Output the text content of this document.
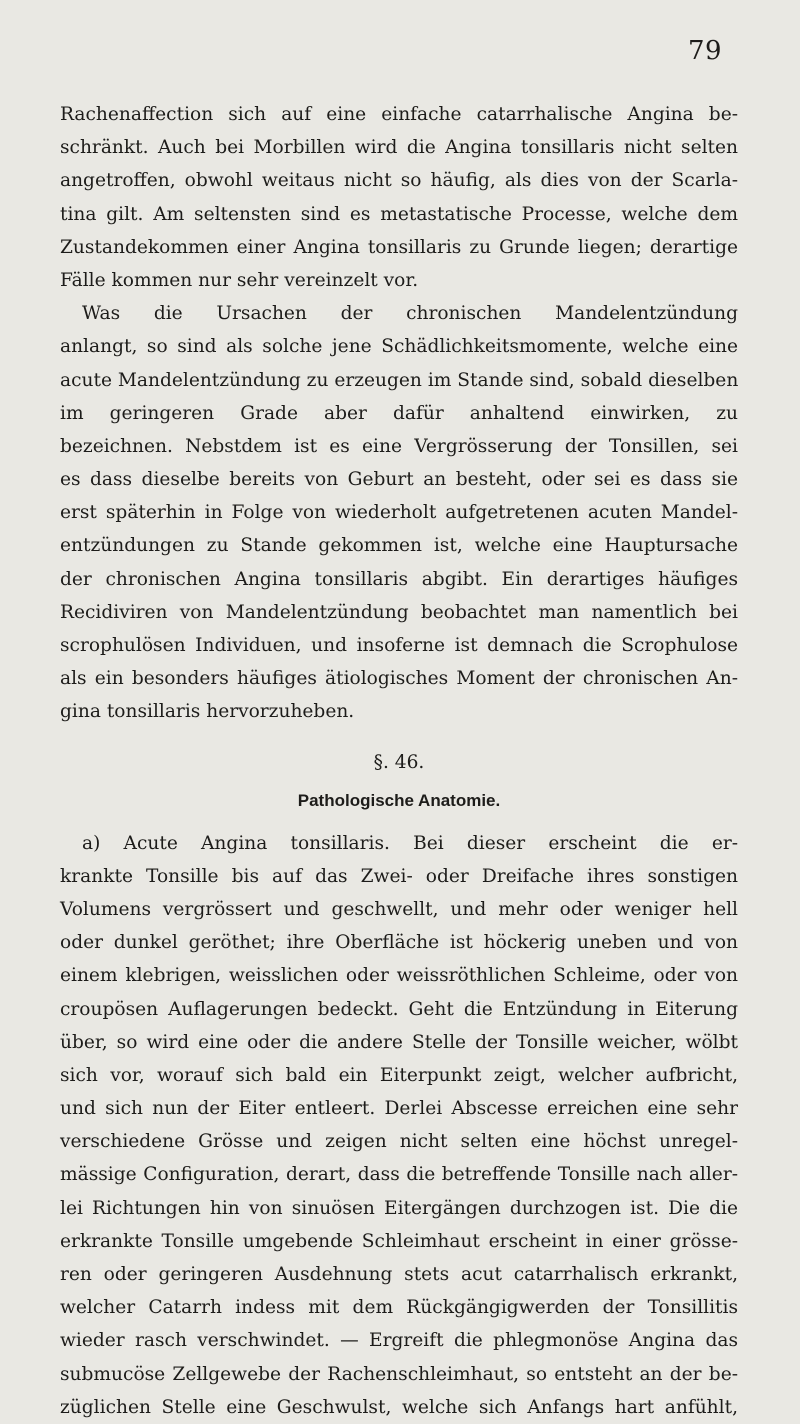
79
Rachenaffection sich auf eine einfache catarrhalische Angina be-
schränkt. Auch bei Morbillen wird die Angina tonsillaris nicht selten
angetroffen, obwohl weitaus nicht so häufig, als dies von der Scarla-
tina gilt. Am seltensten sind es metastatische Processe, welche dem
Zustandekommen einer Angina tonsillaris zu Grunde liegen; derartige
Fälle kommen nur sehr vereinzelt vor.
Was die Ursachen der chronischen Mandelentzündung
anlangt, so sind als solche jene Schädlichkeitsmomente, welche eine
acute Mandelentzündung zu erzeugen im Stande sind, sobald dieselben
im geringeren Grade aber dafür anhaltend einwirken, zu
bezeichnen. Nebstdem ist es eine Vergrösserung der Tonsillen, sei
es dass dieselbe bereits von Geburt an besteht, oder sei es dass sie
erst späterhin in Folge von wiederholt aufgetretenen acuten Mandel-
entzündungen zu Stande gekommen ist, welche eine Hauptursache
der chronischen Angina tonsillaris abgibt. Ein derartiges häufiges
Recidiviren von Mandelentzündung beobachtet man namentlich bei
scrophulösen Individuen, und insoferne ist demnach die Scrophulose
als ein besonders häufiges ätiologisches Moment der chronischen An-
gina tonsillaris hervorzuheben.
§. 46.
Pathologische Anatomie.
a) Acute Angina tonsillaris. Bei dieser erscheint die er-
krankte Tonsille bis auf das Zwei- oder Dreifache ihres sonstigen
Volumens vergrössert und geschwellt, und mehr oder weniger hell
oder dunkel geröthet; ihre Oberfläche ist höckerig uneben und von
einem klebrigen, weisslichen oder weissröthlichen Schleime, oder von
croupösen Auflagerungen bedeckt. Geht die Entzündung in Eiterung
über, so wird eine oder die andere Stelle der Tonsille weicher, wölbt
sich vor, worauf sich bald ein Eiterpunkt zeigt, welcher aufbricht,
und sich nun der Eiter entleert. Derlei Abscesse erreichen eine sehr
verschiedene Grösse und zeigen nicht selten eine höchst unregel-
mässige Configuration, derart, dass die betreffende Tonsille nach aller-
lei Richtungen hin von sinuösen Eitergängen durchzogen ist. Die die
erkrankte Tonsille umgebende Schleimhaut erscheint in einer grösse-
ren oder geringeren Ausdehnung stets acut catarrhalisch erkrankt,
welcher Catarrh indess mit dem Rückgängigwerden der Tonsillitis
wieder rasch verschwindet. — Ergreift die phlegmonöse Angina das
submucöse Zellgewebe der Rachenschleimhaut, so entsteht an der be-
züglichen Stelle eine Geschwulst, welche sich Anfangs hart anfühlt,
